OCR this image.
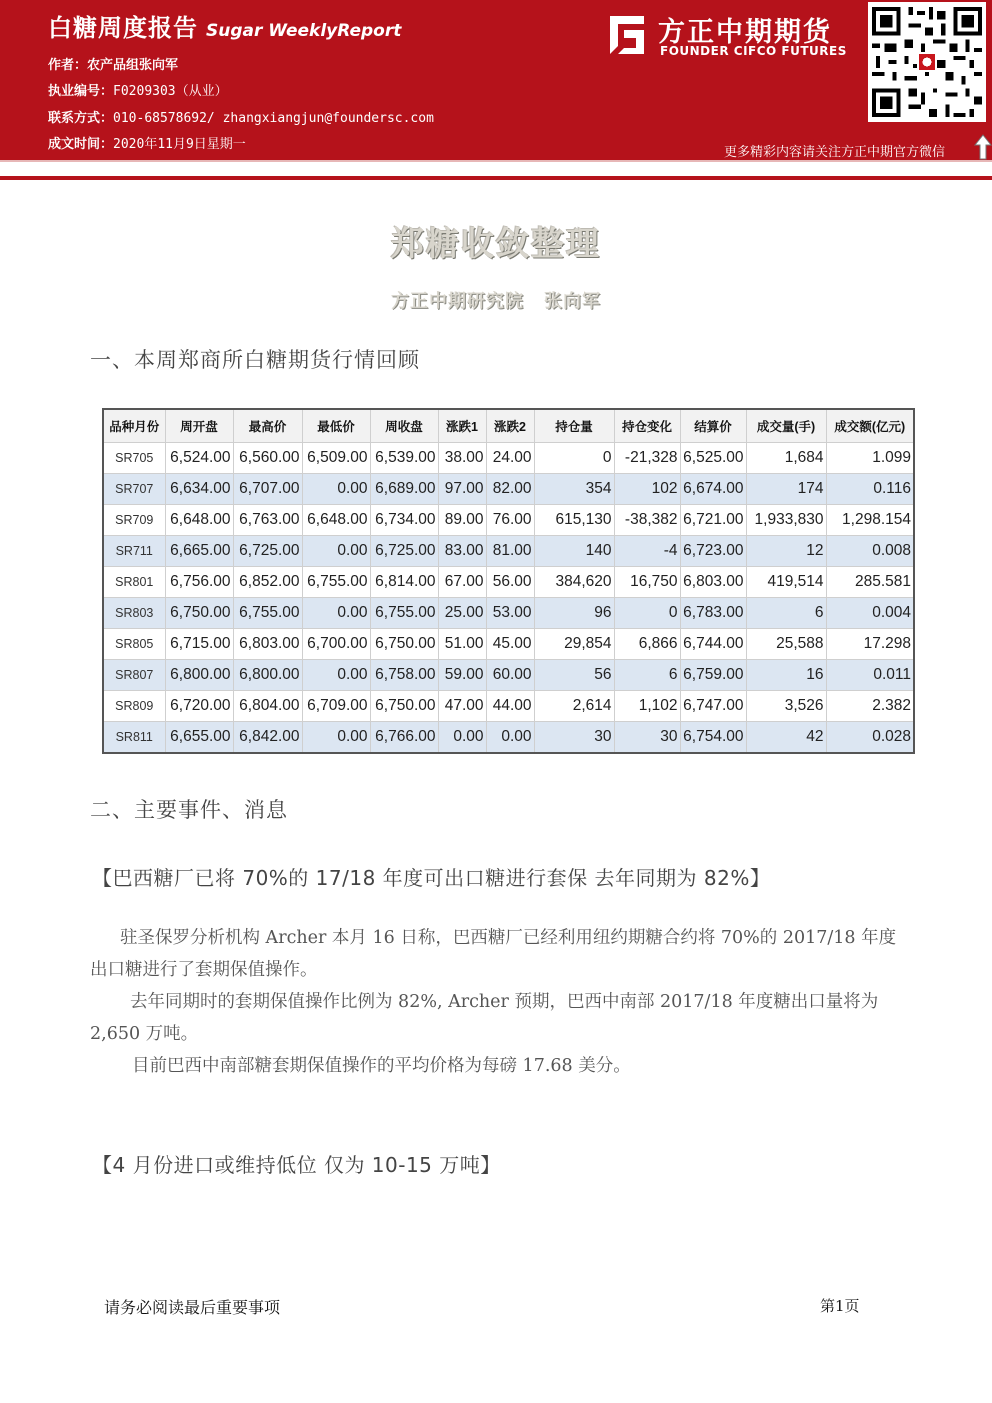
白糖周度报告 Sugar WeeklyReport
作者：农产品组张向军
执业编号：F0209303（从业）
联系方式：010-68578692/ zhangxiangjun@foundersc.com
成文时间：2020年11月9日星期一
方正中期期货
FOUNDER CIFCO FUTURES
更多精彩内容请关注方正中期官方微信
郑糖收敛整理
方正中期研究院 张向军
一、本周郑商所白糖期货行情回顾
品种月份	周开盘	最高价	最低价	周收盘	涨跌1	涨跌2	持仓量	持仓变化	结算价	成交量(手)	成交额(亿元)
SR705	6,524.00	6,560.00	6,509.00	6,539.00	38.00	24.00	0	-21,328	6,525.00	1,684	1.099
SR707	6,634.00	6,707.00	0.00	6,689.00	97.00	82.00	354	102	6,674.00	174	0.116
SR709	6,648.00	6,763.00	6,648.00	6,734.00	89.00	76.00	615,130	-38,382	6,721.00	1,933,830	1,298.154
SR711	6,665.00	6,725.00	0.00	6,725.00	83.00	81.00	140	-4	6,723.00	12	0.008
SR801	6,756.00	6,852.00	6,755.00	6,814.00	67.00	56.00	384,620	16,750	6,803.00	419,514	285.581
SR803	6,750.00	6,755.00	0.00	6,755.00	25.00	53.00	96	0	6,783.00	6	0.004
SR805	6,715.00	6,803.00	6,700.00	6,750.00	51.00	45.00	29,854	6,866	6,744.00	25,588	17.298
SR807	6,800.00	6,800.00	0.00	6,758.00	59.00	60.00	56	6	6,759.00	16	0.011
SR809	6,720.00	6,804.00	6,709.00	6,750.00	47.00	44.00	2,614	1,102	6,747.00	3,526	2.382
SR811	6,655.00	6,842.00	0.00	6,766.00	0.00	0.00	30	30	6,754.00	42	0.028
二、主要事件、消息
【巴西糖厂已将 70%的 17/18 年度可出口糖进行套保 去年同期为 82%】

驻圣保罗分析机构 Archer 本月 16 日称，巴西糖厂已经利用纽约期糖合约将 70%的 2017/18 年度出口糖进行了套期保值操作。

去年同期时的套期保值操作比例为 82%, Archer 预期，巴西中南部 2017/18 年度糖出口量将为 2,650 万吨。

目前巴西中南部糖套期保值操作的平均价格为每磅 17.68 美分。

【4 月份进口或维持低位 仅为 10-15 万吨】
请务必阅读最后重要事项	第1页
